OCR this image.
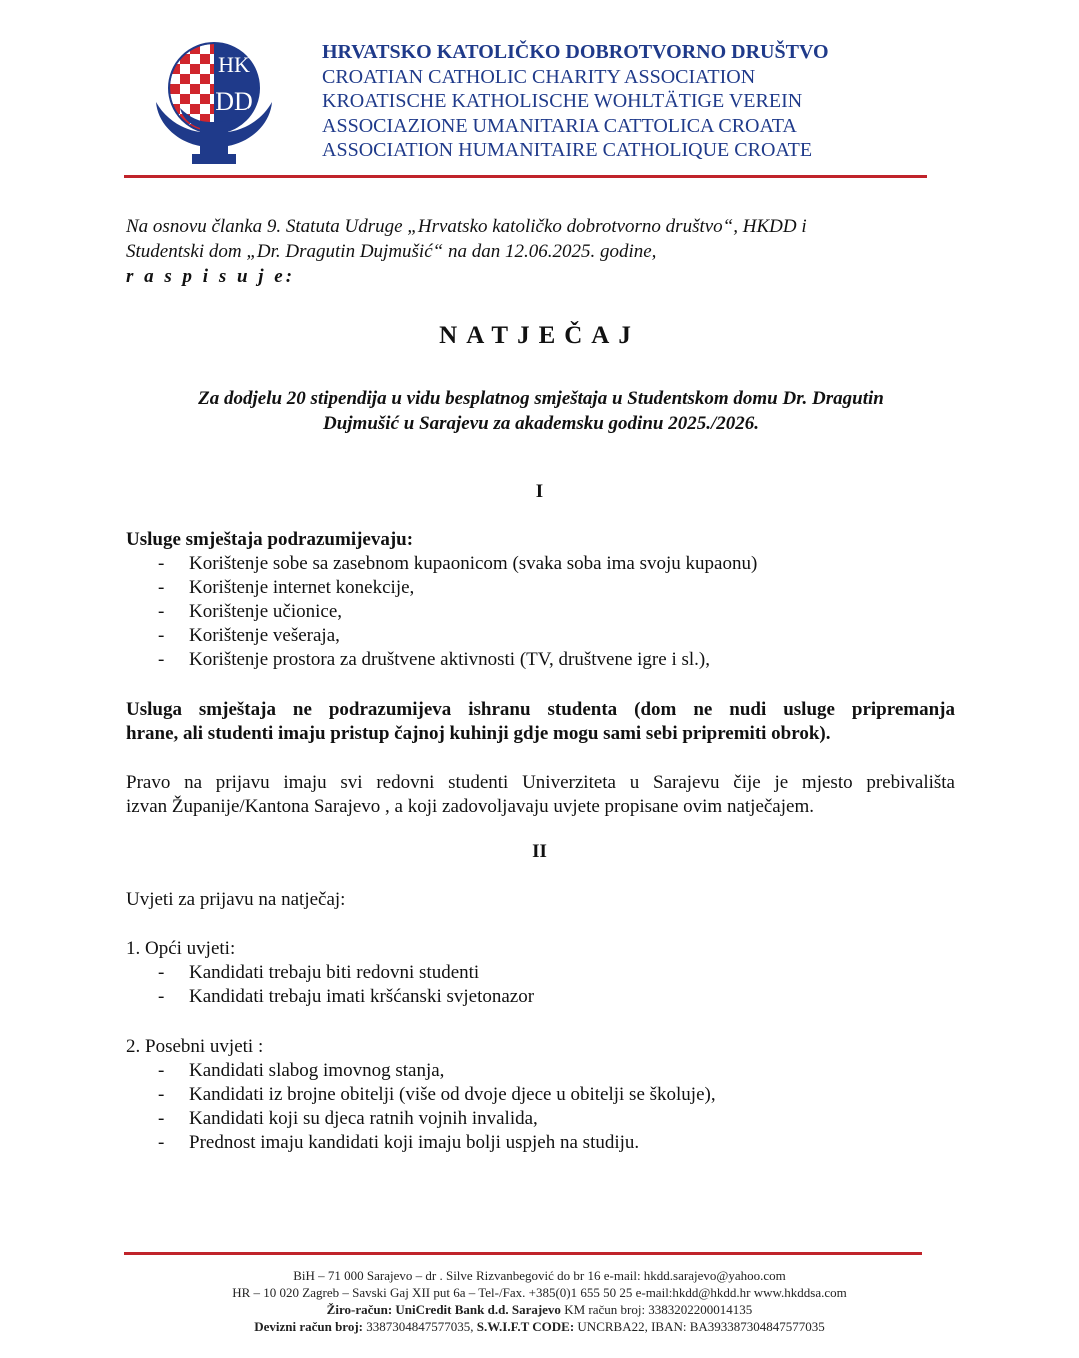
HK
DD
HRVATSKO KATOLIČKO DOBROTVORNO DRUŠTVO
CROATIAN CATHOLIC CHARITY ASSOCIATION
KROATISCHE KATHOLISCHE WOHLTÄTIGE VEREIN
ASSOCIAZIONE UMANITARIA CATTOLICA CROATA
ASSOCIATION HUMANITAIRE CATHOLIQUE CROATE
Na osnovu članka 9. Statuta Udruge „Hrvatsko katoličko dobrotvorno društvo“, HKDD i
Studentski dom „Dr. Dragutin Dujmušić“ na dan 12.06.2025. godine,
r a s p i s u j e:
NATJEČAJ
Za dodjelu 20 stipendija u vidu besplatnog smještaja u Studentskom domu Dr. Dragutin
Dujmušić u Sarajevu za akademsku godinu 2025./2026.
I
Usluge smještaja podrazumijevaju:
- Korištenje sobe sa zasebnom kupaonicom (svaka soba ima svoju kupaonu)
- Korištenje internet konekcije,
- Korištenje učionice,
- Korištenje vešeraja,
- Korištenje prostora za društvene aktivnosti (TV, društvene igre i sl.),
Usluga smještaja ne podrazumijeva ishranu studenta (dom ne nudi usluge pripremanja
hrane, ali studenti imaju pristup čajnoj kuhinji gdje mogu sami sebi pripremiti obrok).
Pravo na prijavu imaju svi redovni studenti Univerziteta u Sarajevu čije je mjesto prebivališta
izvan Županije/Kantona Sarajevo , a koji zadovoljavaju uvjete propisane ovim natječajem.
II
Uvjeti za prijavu na natječaj:
1. Opći uvjeti:
- Kandidati trebaju biti redovni studenti
- Kandidati trebaju imati kršćanski svjetonazor
2. Posebni uvjeti :
- Kandidati slabog imovnog stanja,
- Kandidati iz brojne obitelji (više od dvoje djece u obitelji se školuje),
- Kandidati koji su djeca ratnih vojnih invalida,
- Prednost imaju kandidati koji imaju bolji uspjeh na studiju.
BiH – 71 000 Sarajevo – dr . Silve Rizvanbegović do br 16 e-mail: hkdd.sarajevo@yahoo.com
HR – 10 020 Zagreb – Savski Gaj XII put 6a – Tel-/Fax. +385(0)1 655 50 25 e-mail:hkdd@hkdd.hr www.hkddsa.com
Žiro-račun: UniCredit Bank d.d. Sarajevo KM račun broj: 3383202200014135
Devizni račun broj: 3387304847577035, S.W.I.F.T CODE: UNCRBA22, IBAN: BA393387304847577035
